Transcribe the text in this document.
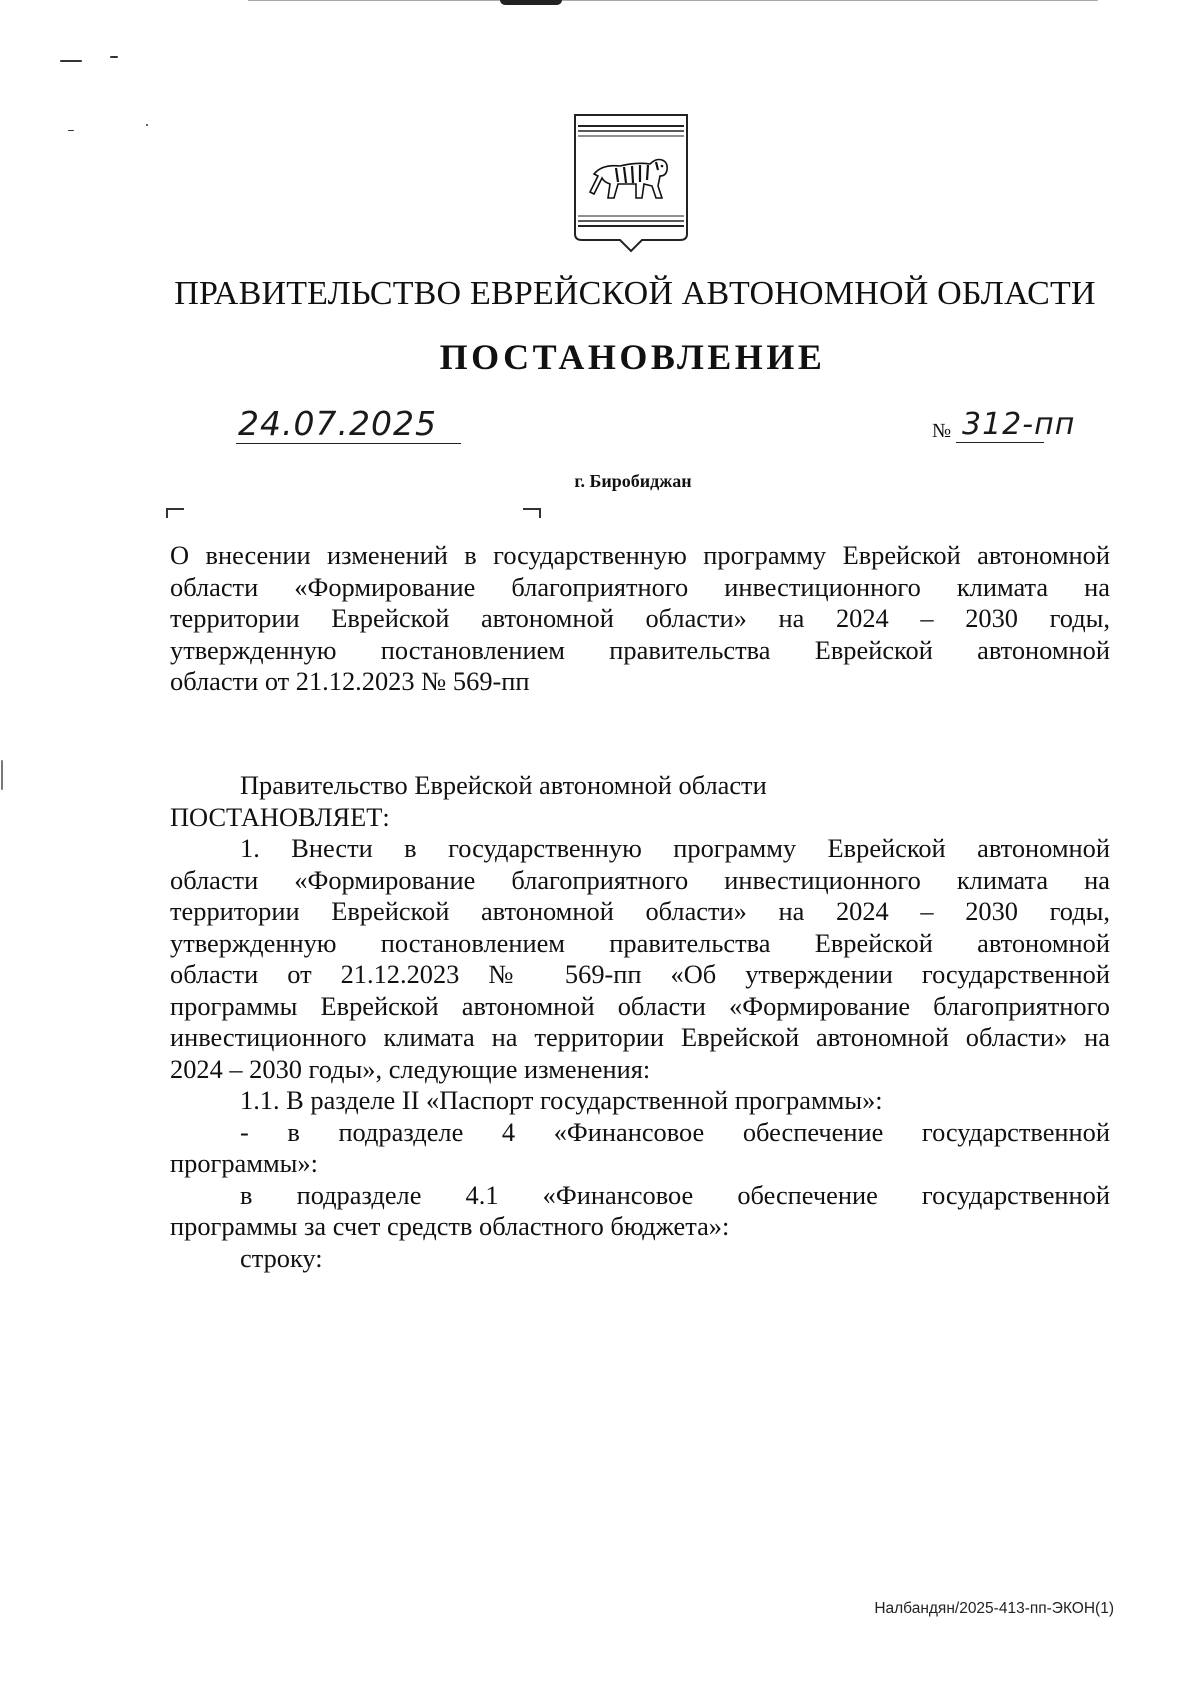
ПРАВИТЕЛЬСТВО ЕВРЕЙСКОЙ АВТОНОМНОЙ ОБЛАСТИ
ПОСТАНОВЛЕНИЕ
24.07.2025	№ 312-пп
г. Биробиджан
О внесении изменений в государственную программу Еврейской автономной
области «Формирование благоприятного инвестиционного климата на
территории Еврейской автономной области» на 2024 – 2030 годы,
утвержденную постановлением правительства Еврейской автономной
области от 21.12.2023 № 569-пп
Правительство Еврейской автономной области
ПОСТАНОВЛЯЕТ:
1. Внести в государственную программу Еврейской автономной
области «Формирование благоприятного инвестиционного климата на
территории Еврейской автономной области» на 2024 – 2030 годы,
утвержденную постановлением правительства Еврейской автономной
области от 21.12.2023 № 569-пп «Об утверждении государственной
программы Еврейской автономной области «Формирование благоприятного
инвестиционного климата на территории Еврейской автономной области» на
2024 – 2030 годы», следующие изменения:
1.1. В разделе II «Паспорт государственной программы»:
- в подразделе 4 «Финансовое обеспечение государственной
программы»:
в подразделе 4.1 «Финансовое обеспечение государственной
программы за счет средств областного бюджета»:
строку:
Налбандян/2025-413-пп-ЭКОН(1)
